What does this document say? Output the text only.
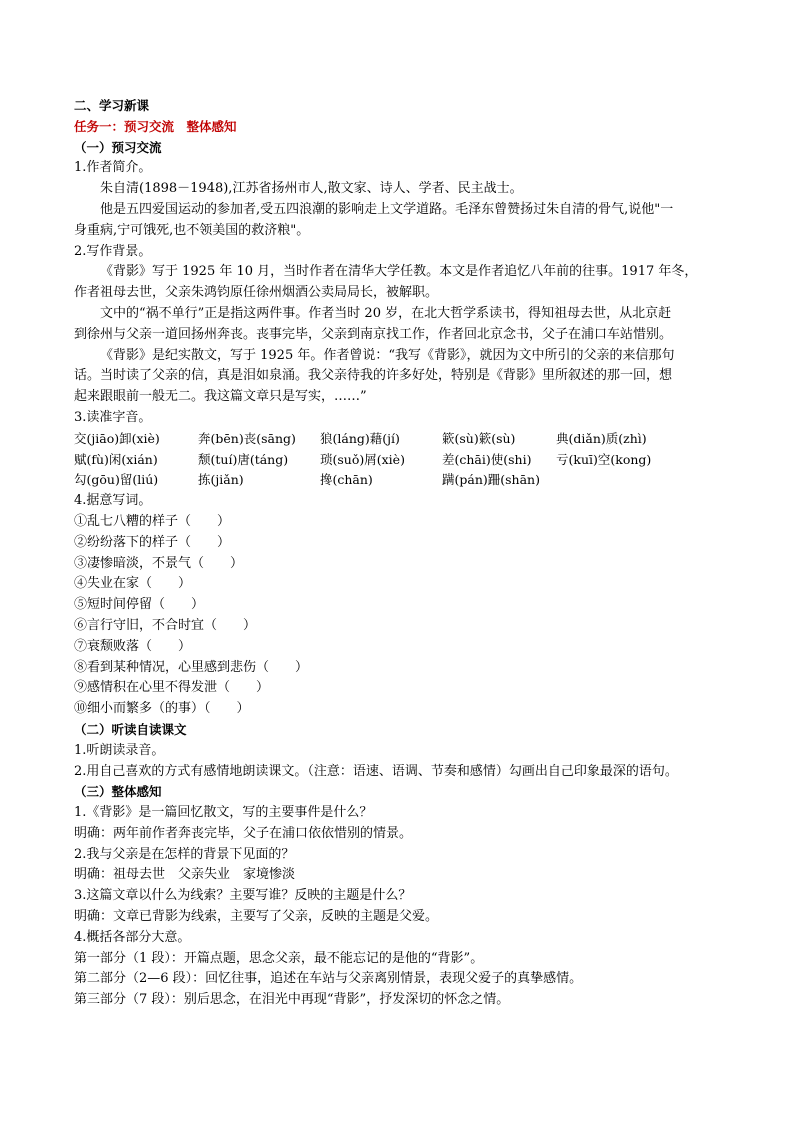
二、学习新课
任务一：预习交流　整体感知
（一）预习交流
1.作者简介。
朱自清(1898－1948),江苏省扬州市人,散文家、诗人、学者、民主战士。
他是五四爱国运动的参加者,受五四浪潮的影响走上文学道路。毛泽东曾赞扬过朱自清的骨气,说他"一
身重病,宁可饿死,也不领美国的救济粮"。
2.写作背景。
《背影》写于 1925 年 10 月，当时作者在清华大学任教。本文是作者追忆八年前的往事。1917 年冬，
作者祖母去世，父亲朱鸿钧原任徐州烟酒公卖局局长，被解职。
文中的“祸不单行”正是指这两件事。作者当时 20 岁，在北大哲学系读书，得知祖母去世，从北京赶
到徐州与父亲一道回扬州奔丧。丧事完毕，父亲到南京找工作，作者回北京念书，父子在浦口车站惜别。
《背影》是纪实散文，写于 1925 年。作者曾说：“我写《背影》，就因为文中所引的父亲的来信那句
话。当时读了父亲的信，真是泪如泉涌。我父亲待我的许多好处，特别是《背影》里所叙述的那一回，想
起来跟眼前一般无二。我这篇文章只是写实，……”
3.读准字音。
交(jiāo)卸(xiè)	奔(bēn)丧(sāng) 狼(láng)藉(jí)	簌(sù)簌(sù)	典(diǎn)质(zhì)
赋(fù)闲(xián)	颓(tuí)唐(táng)	琐(suǒ)屑(xiè)	差(chāi)使(shi) 亏(kuī)空(kong)
勾(gōu)留(liú)	拣(jiǎn)	搀(chān)	蹒(pán)跚(shān)
4.据意写词。
①乱七八糟的样子（　　）
②纷纷落下的样子（　　）
③凄惨暗淡，不景气（　　）
④失业在家（　　）
⑤短时间停留（　　）
⑥言行守旧，不合时宜（　　）
⑦衰颓败落（　　）
⑧看到某种情况，心里感到悲伤（　　）
⑨感情积在心里不得发泄（　　）
⑩细小而繁多（的事）（　　）
（二）听读自读课文
1.听朗读录音。
2.用自己喜欢的方式有感情地朗读课文。（注意：语速、语调、节奏和感情）勾画出自己印象最深的语句。
（三）整体感知
1.《背影》是一篇回忆散文，写的主要事件是什么？
明确：两年前作者奔丧完毕，父子在浦口依依惜别的情景。
2.我与父亲是在怎样的背景下见面的？
明确：祖母去世　父亲失业　家境惨淡
3.这篇文章以什么为线索？主要写谁？反映的主题是什么？
明确：文章已背影为线索，主要写了父亲，反映的主题是父爱。
4.概括各部分大意。
第一部分（1 段）：开篇点题，思念父亲，最不能忘记的是他的“背影”。
第二部分（2—6 段）：回忆往事，追述在车站与父亲离别情景，表现父爱子的真挚感情。
第三部分（7 段）：别后思念，在泪光中再现“背影”，抒发深切的怀念之情。
